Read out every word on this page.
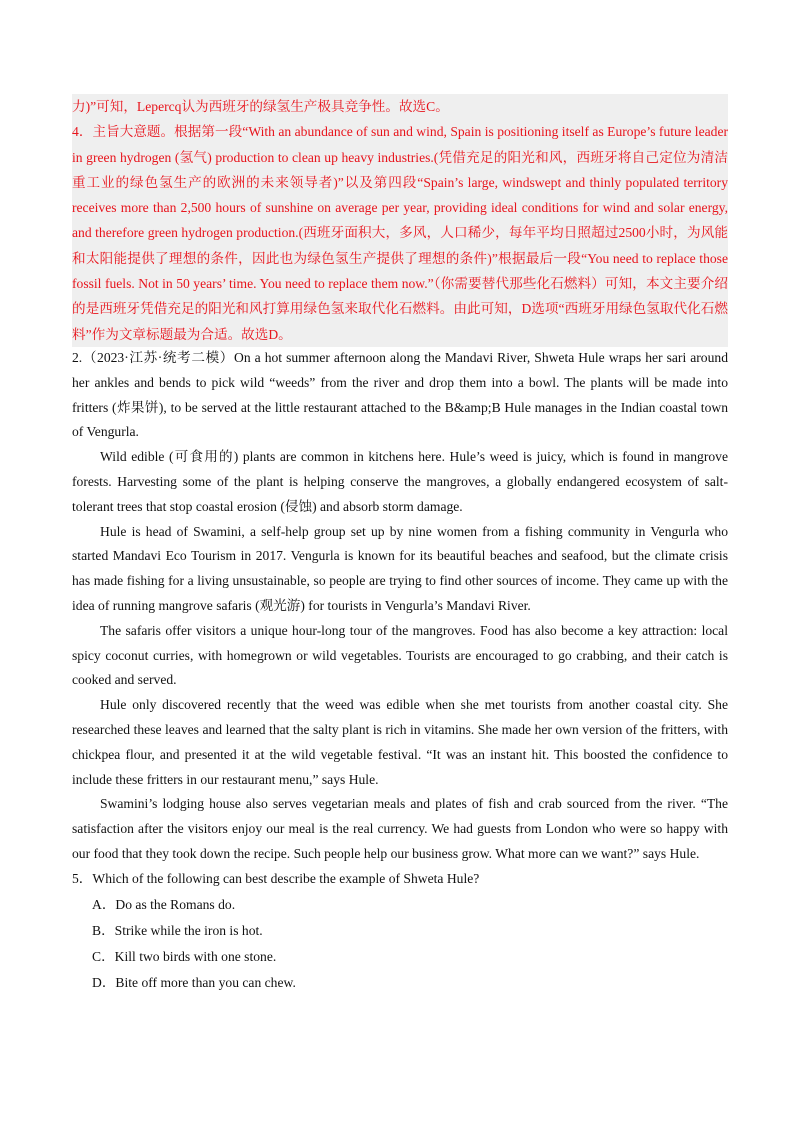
力)”可知，Lepercq认为西班牙的绿氢生产极具竞争性。故选C。

4．主旨大意题。根据第一段“With an abundance of sun and wind, Spain is positioning itself as Europe’s future leader in green hydrogen (氢气) production to clean up heavy industries.(凭借充足的阳光和风，西班牙将自己定位为清洁重工业的绿色氢生产的欧洲的未来领导者)”以及第四段“Spain’s large, windswept and thinly populated territory receives more than 2,500 hours of sunshine on average per year, providing ideal conditions for wind and solar energy, and therefore green hydrogen production.(西班牙面积大，多风，人口稀少，每年平均日照超过2500小时，为风能和太阳能提供了理想的条件，因此也为绿色氢生产提供了理想的条件)”根据最后一段“You need to replace those fossil fuels. Not in 50 years’ time. You need to replace them now.”（你需要替代那些化石燃料）可知，本文主要介绍的是西班牙凭借充足的阳光和风打算用绿色氢来取代化石燃料。由此可知，D选项“西班牙用绿色氢取代化石燃料”作为文章标题最为合适。故选D。

2.（2023·江苏·统考二模）On a hot summer afternoon along the Mandavi River, Shweta Hule wraps her sari around her ankles and bends to pick wild “weeds” from the river and drop them into a bowl. The plants will be made into fritters (炸果饼), to be served at the little restaurant attached to the B&amp;B Hule manages in the Indian coastal town of Vengurla.

Wild edible (可食用的) plants are common in kitchens here. Hule’s weed is juicy, which is found in mangrove forests. Harvesting some of the plant is helping conserve the mangroves, a globally endangered ecosystem of salt-tolerant trees that stop coastal erosion (侵蚀) and absorb storm damage.

Hule is head of Swamini, a self-help group set up by nine women from a fishing community in Vengurla who started Mandavi Eco Tourism in 2017. Vengurla is known for its beautiful beaches and seafood, but the climate crisis has made fishing for a living unsustainable, so people are trying to find other sources of income. They came up with the idea of running mangrove safaris (观光游) for tourists in Vengurla’s Mandavi River.

The safaris offer visitors a unique hour-long tour of the mangroves. Food has also become a key attraction: local spicy coconut curries, with homegrown or wild vegetables. Tourists are encouraged to go crabbing, and their catch is cooked and served.

Hule only discovered recently that the weed was edible when she met tourists from another coastal city. She researched these leaves and learned that the salty plant is rich in vitamins. She made her own version of the fritters, with chickpea flour, and presented it at the wild vegetable festival. “It was an instant hit. This boosted the confidence to include these fritters in our restaurant menu,” says Hule.

Swamini’s lodging house also serves vegetarian meals and plates of fish and crab sourced from the river. “The satisfaction after the visitors enjoy our meal is the real currency. We had guests from London who were so happy with our food that they took down the recipe. Such people help our business grow. What more can we want?” says Hule.

5．Which of the following can best describe the example of Shweta Hule?

A．Do as the Romans do.
B．Strike while the iron is hot.
C．Kill two birds with one stone.
D．Bite off more than you can chew.
